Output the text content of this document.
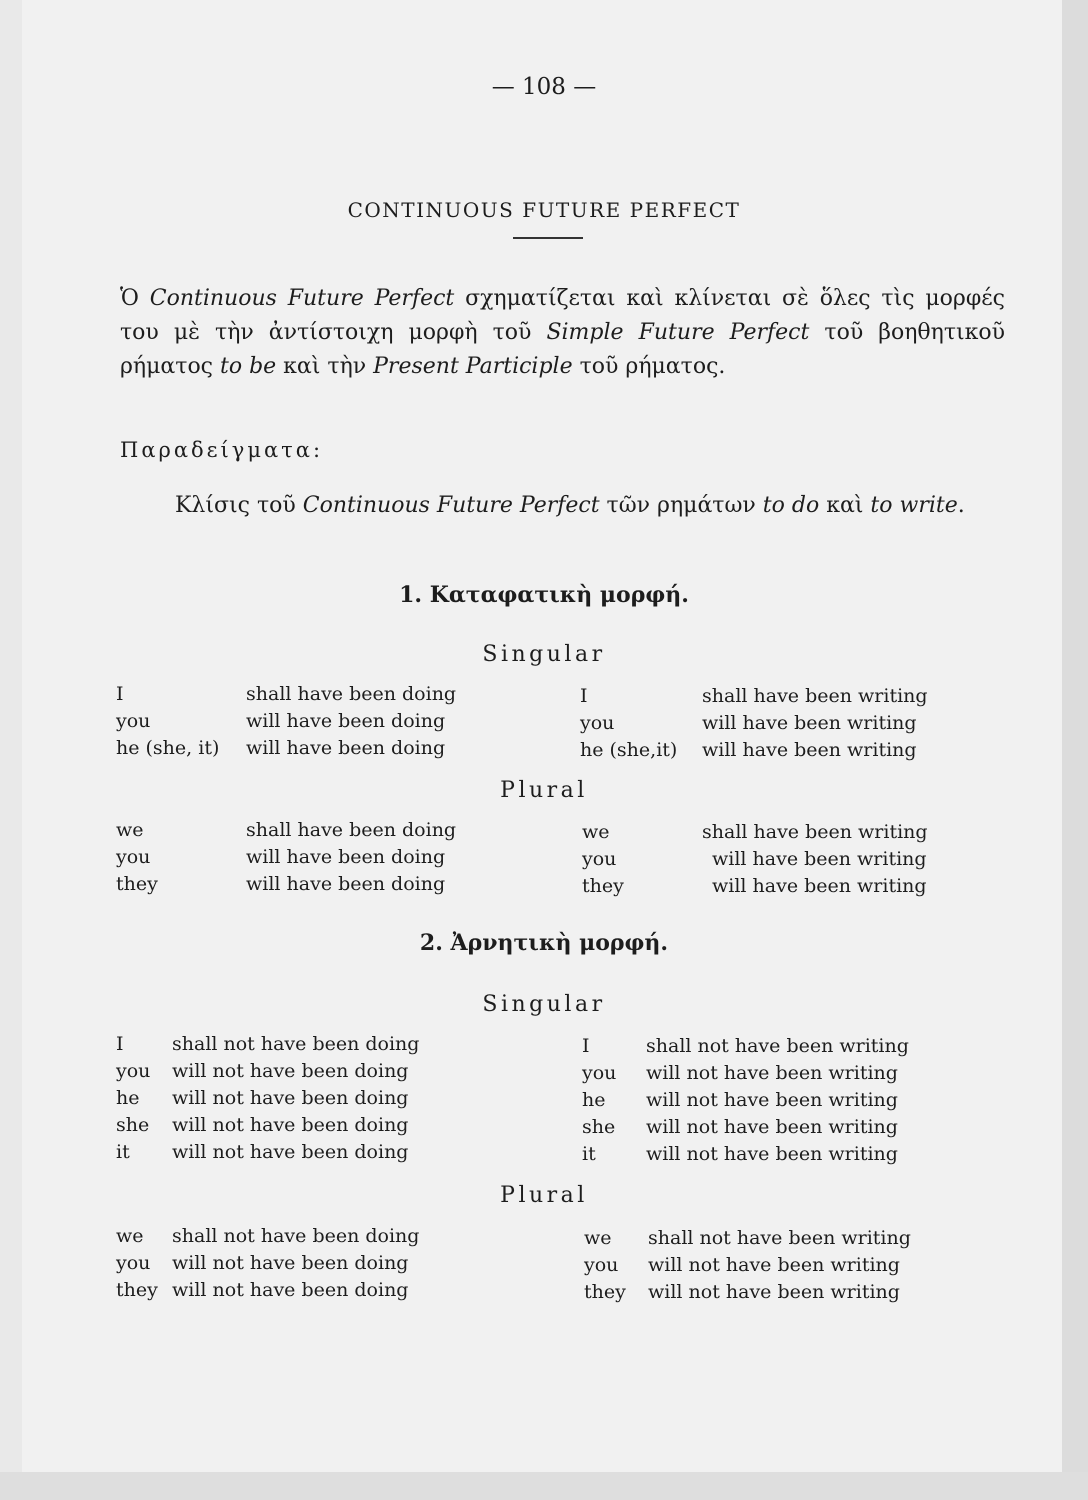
— 108 —
CONTINUOUS FUTURE PERFECT
Ὁ Continuous Future Perfect σχηματίζεται καὶ κλίνεται σὲ ὅλες τὶς μορφές του μὲ τὴν ἀντίστοιχη μορφὴ τοῦ Simple Future Perfect τοῦ βοηθητικοῦ ρήματος to be καὶ τὴν Present Participle τοῦ ρήματος.
Παραδείγματα:
Κλίσις τοῦ Continuous Future Perfect τῶν ρημάτων to do καὶ to write.
1. Καταφατικὴ μορφή.
Singular
I	shall have been doing
you	will have been doing
he (she, it) will have been doing
I	shall have been writing
you	will have been writing
he (she,it) will have been writing
Plural
we	shall have been doing
you	will have been doing
they	will have been doing
we	shall have been writing
you	will have been writing
they	will have been writing
2. Ἀρνητικὴ μορφή.
Singular
I	shall not have been doing
you will not have been doing
he will not have been doing
she will not have been doing
it will not have been doing
I	shall not have been writing
you will not have been writing
he will not have been writing
she will not have been writing
it	will not have been writing
Plural
we shall not have been doing
you will not have been doing
they will not have been doing
we shall not have been writing
you will not have been writing
they will not have been writing
